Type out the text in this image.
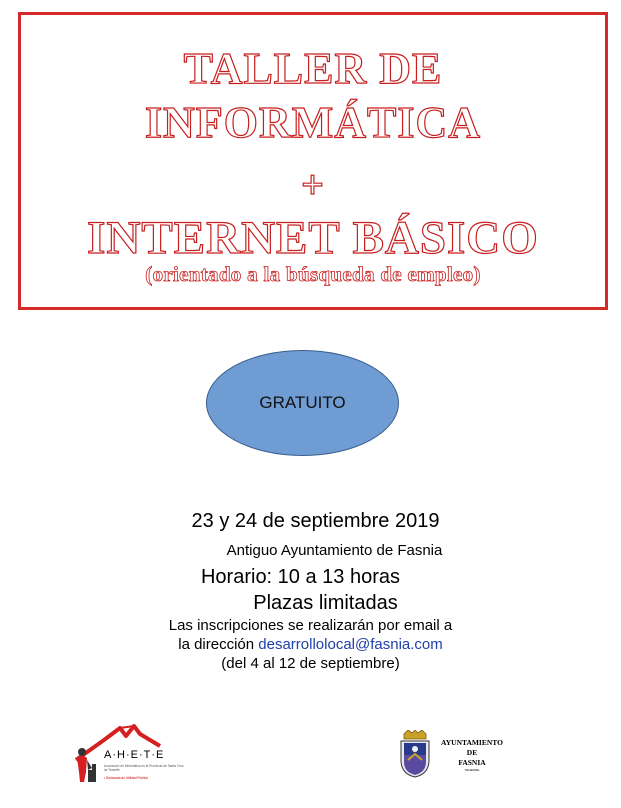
TALLER DE
INFORMÁTICA
+
INTERNET BÁSICO
(orientado a la búsqueda de empleo)
GRATUITO
23 y 24 de septiembre 2019
Antiguo Ayuntamiento de Fasnia
Horario: 10 a 13 horas
Plazas limitadas
Las inscripciones se realizarán por email a
la dirección desarrollolocal@fasnia.com
(del 4 al 12 de septiembre)
A·H·E·T·E
Asociación de Informática en la Provincia de Santa Cruz de Tenerife
• Declarada de Utilidad Pública
AYUNTAMIENTO
DE
FASNIA
TENERIFE
